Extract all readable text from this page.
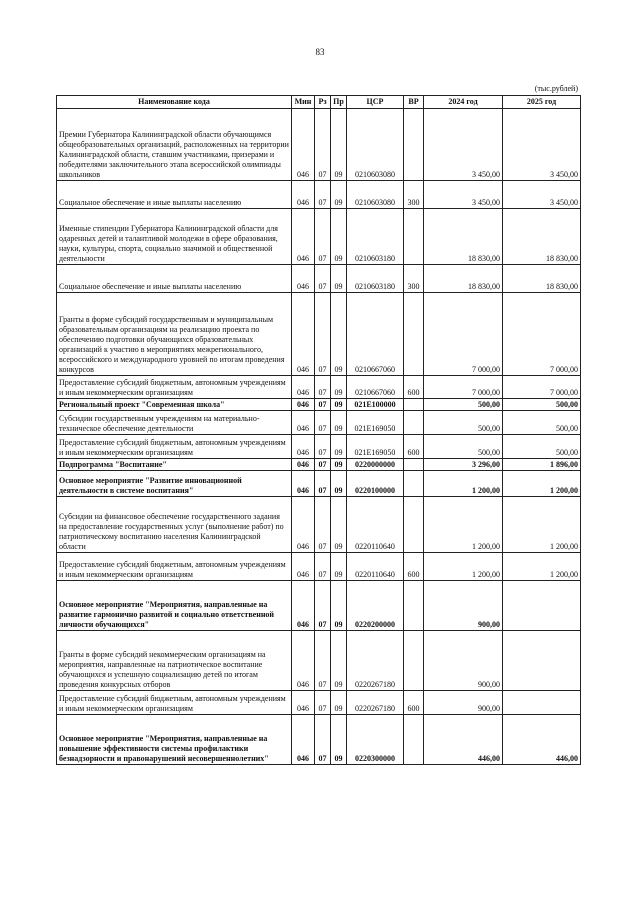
83
(тыс.рублей)
Наименование кода	Мин	Рз	Пр	ЦСР	ВР	2024 год	2025 год
Премии Губернатора Калининградской области обучающимся общеобразовательных организаций, расположенных на территории Калининградской области, ставшим участниками, призерами и победителями заключительного этапа всероссийской олимпиады школьников	046	07	09	0210603080		3 450,00	3 450,00
Социальное обеспечение и иные выплаты населению	046	07	09	0210603080	300	3 450,00	3 450,00
Именные стипендии Губернатора Калининградской области для одаренных детей и талантливой молодежи в сфере образования, науки, культуры, спорта, социально значимой и общественной деятельности	046	07	09	0210603180		18 830,00	18 830,00
Социальное обеспечение и иные выплаты населению	046	07	09	0210603180	300	18 830,00	18 830,00
Гранты в форме субсидий государственным и муниципальным образовательным организациям на реализацию проекта по обеспечению подготовки обучающихся образовательных организаций к участию в мероприятиях межрегионального, всероссийского и международного уровней по итогам проведения конкурсов	046	07	09	0210667060		7 000,00	7 000,00
Предоставление субсидий бюджетным, автономным учреждениям и иным некоммерческим организациям	046	07	09	0210667060	600	7 000,00	7 000,00
Региональный проект "Современная школа"	046	07	09	021E100000		500,00	500,00
Субсидии государственным учреждениям на материально-техническое обеспечение деятельности	046	07	09	021E169050		500,00	500,00
Предоставление субсидий бюджетным, автономным учреждениям и иным некоммерческим организациям	046	07	09	021E169050	600	500,00	500,00
Подпрограмма "Воспитание"	046	07	09	0220000000		3 296,00	1 896,00
Основное мероприятие "Развитие инновационной деятельности в системе воспитания"	046	07	09	0220100000		1 200,00	1 200,00
Субсидии на финансовое обеспечение государственного задания на предоставление государственных услуг (выполнение работ) по патриотическому воспитанию населения Калининградской области	046	07	09	0220110640		1 200,00	1 200,00
Предоставление субсидий бюджетным, автономным учреждениям и иным некоммерческим организациям	046	07	09	0220110640	600	1 200,00	1 200,00
Основное мероприятие "Мероприятия, направленные на развитие гармонично развитой и социально ответственной личности обучающихся"	046	07	09	0220200000		900,00	
Гранты в форме субсидий некоммерческим организациям на мероприятия, направленные на патриотическое воспитание обучающихся и успешную социализацию детей по итогам проведения конкурсных отборов	046	07	09	0220267180		900,00	
Предоставление субсидий бюджетным, автономным учреждениям и иным некоммерческим организациям	046	07	09	0220267180	600	900,00	
Основное мероприятие "Мероприятия, направленные на повышение эффективности системы профилактики безнадзорности и правонарушений несовершеннолетних"	046	07	09	0220300000		446,00	446,00
